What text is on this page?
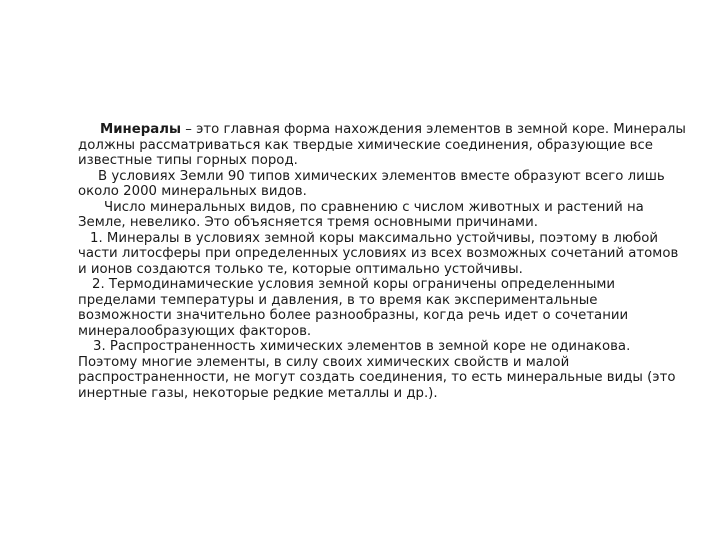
Минералы – это главная форма нахождения элементов в земной коре. Минералы должны рассматриваться как твердые химические соединения, образующие все известные типы горных пород.

В условиях Земли 90 типов химических элементов вместе образуют всего лишь около 2000 минеральных видов.

Число минеральных видов, по сравнению с числом животных и растений на Земле, невелико. Это объясняется тремя основными причинами.

1. Минералы в условиях земной коры максимально устойчивы, поэтому в любой части литосферы при определенных условиях из всех возможных сочетаний атомов и ионов создаются только те, которые оптимально устойчивы.

2. Термодинамические условия земной коры ограничены определенными пределами температуры и давления, в то время как экспериментальные возможности значительно более разнообразны, когда речь идет о сочетании минералообразующих факторов.

3. Распространенность химических элементов в земной коре не одинакова. Поэтому многие элементы, в силу своих химических свойств и малой распространенности, не могут создать соединения, то есть минеральные виды (это инертные газы, некоторые редкие металлы и др.).
